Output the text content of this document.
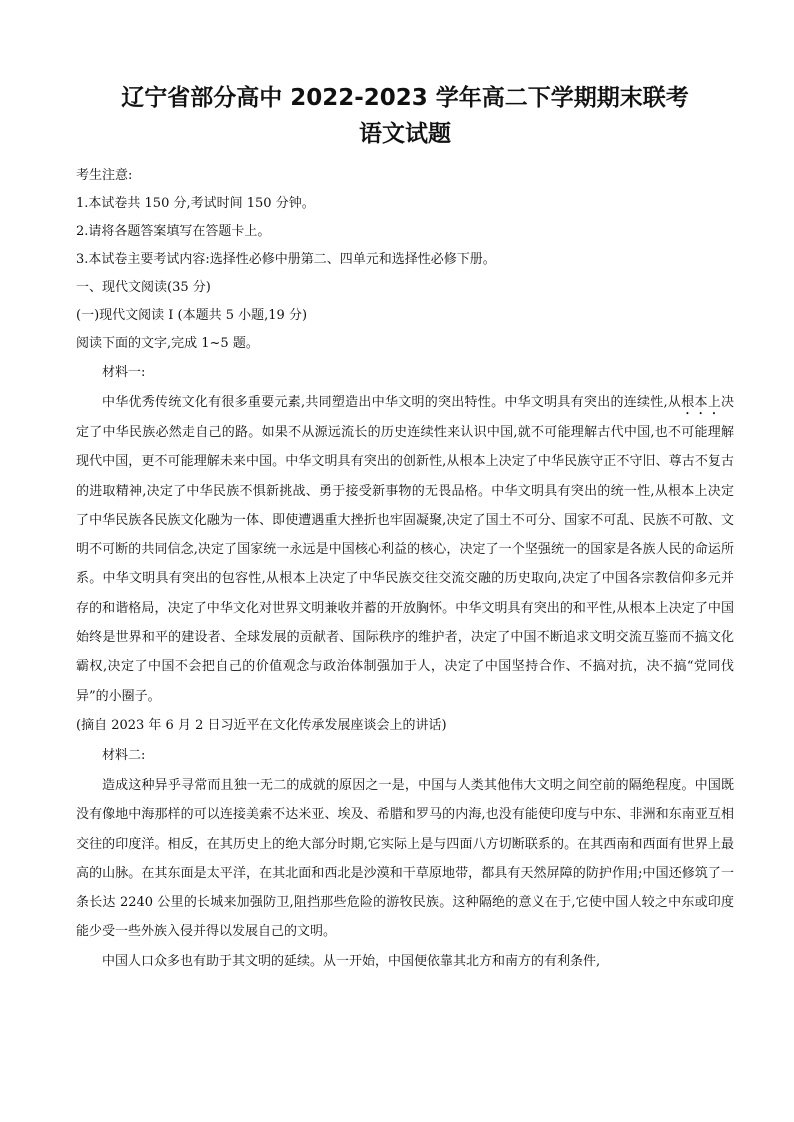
辽宁省部分高中 2022-2023 学年高二下学期期末联考
语文试题

考生注意:

1.本试卷共 150 分,考试时间 150 分钟。

2.请将各题答案填写在答题卡上。

3.本试卷主要考试内容:选择性必修中册第二、四单元和选择性必修下册。

一、现代文阅读(35 分)

(一)现代文阅读 I (本题共 5 小题,19 分)

阅读下面的文字,完成 1~5 题。

材料一:

中华优秀传统文化有很多重要元素,共同塑造出中华文明的突出特性。中华文明具有突出的连续性,从根本上决定了中华民族必然走自己的路。如果不从源远流长的历史连续性来认识中国,就不可能理解古代中国,也不可能理解现代中国，更不可能理解未来中国。中华文明具有突出的创新性,从根本上决定了中华民族守正不守旧、尊古不复古的进取精神,决定了中华民族不惧新挑战、勇于接受新事物的无畏品格。中华文明具有突出的统一性,从根本上决定了中华民族各民族文化融为一体、即使遭遇重大挫折也牢固凝聚,决定了国土不可分、国家不可乱、民族不可散、文明不可断的共同信念,决定了国家统一永远是中国核心利益的核心，决定了一个坚强统一的国家是各族人民的命运所系。中华文明具有突出的包容性,从根本上决定了中华民族交往交流交融的历史取向,决定了中国各宗教信仰多元并存的和谐格局，决定了中华文化对世界文明兼收并蓄的开放胸怀。中华文明具有突出的和平性,从根本上决定了中国始终是世界和平的建设者、全球发展的贡献者、国际秩序的维护者，决定了中国不断追求文明交流互鉴而不搞文化霸权,决定了中国不会把自己的价值观念与政治体制强加于人，决定了中国坚持合作、不搞对抗，决不搞“党同伐异”的小圈子。

(摘自 2023 年 6 月 2 日习近平在文化传承发展座谈会上的讲话)

材料二:

造成这种异乎寻常而且独一无二的成就的原因之一是，中国与人类其他伟大文明之间空前的隔绝程度。中国既没有像地中海那样的可以连接美索不达米亚、埃及、希腊和罗马的内海,也没有能使印度与中东、非洲和东南亚互相交往的印度洋。相反，在其历史上的绝大部分时期,它实际上是与四面八方切断联系的。在其西南和西面有世界上最高的山脉。在其东面是太平洋，在其北面和西北是沙漠和干草原地带，都具有天然屏障的防护作用;中国还修筑了一条长达 2240 公里的长城来加强防卫,阻挡那些危险的游牧民族。这种隔绝的意义在于,它使中国人较之中东或印度能少受一些外族入侵并得以发展自己的文明。

中国人口众多也有助于其文明的延续。从一开始，中国便依靠其北方和南方的有利条件,
